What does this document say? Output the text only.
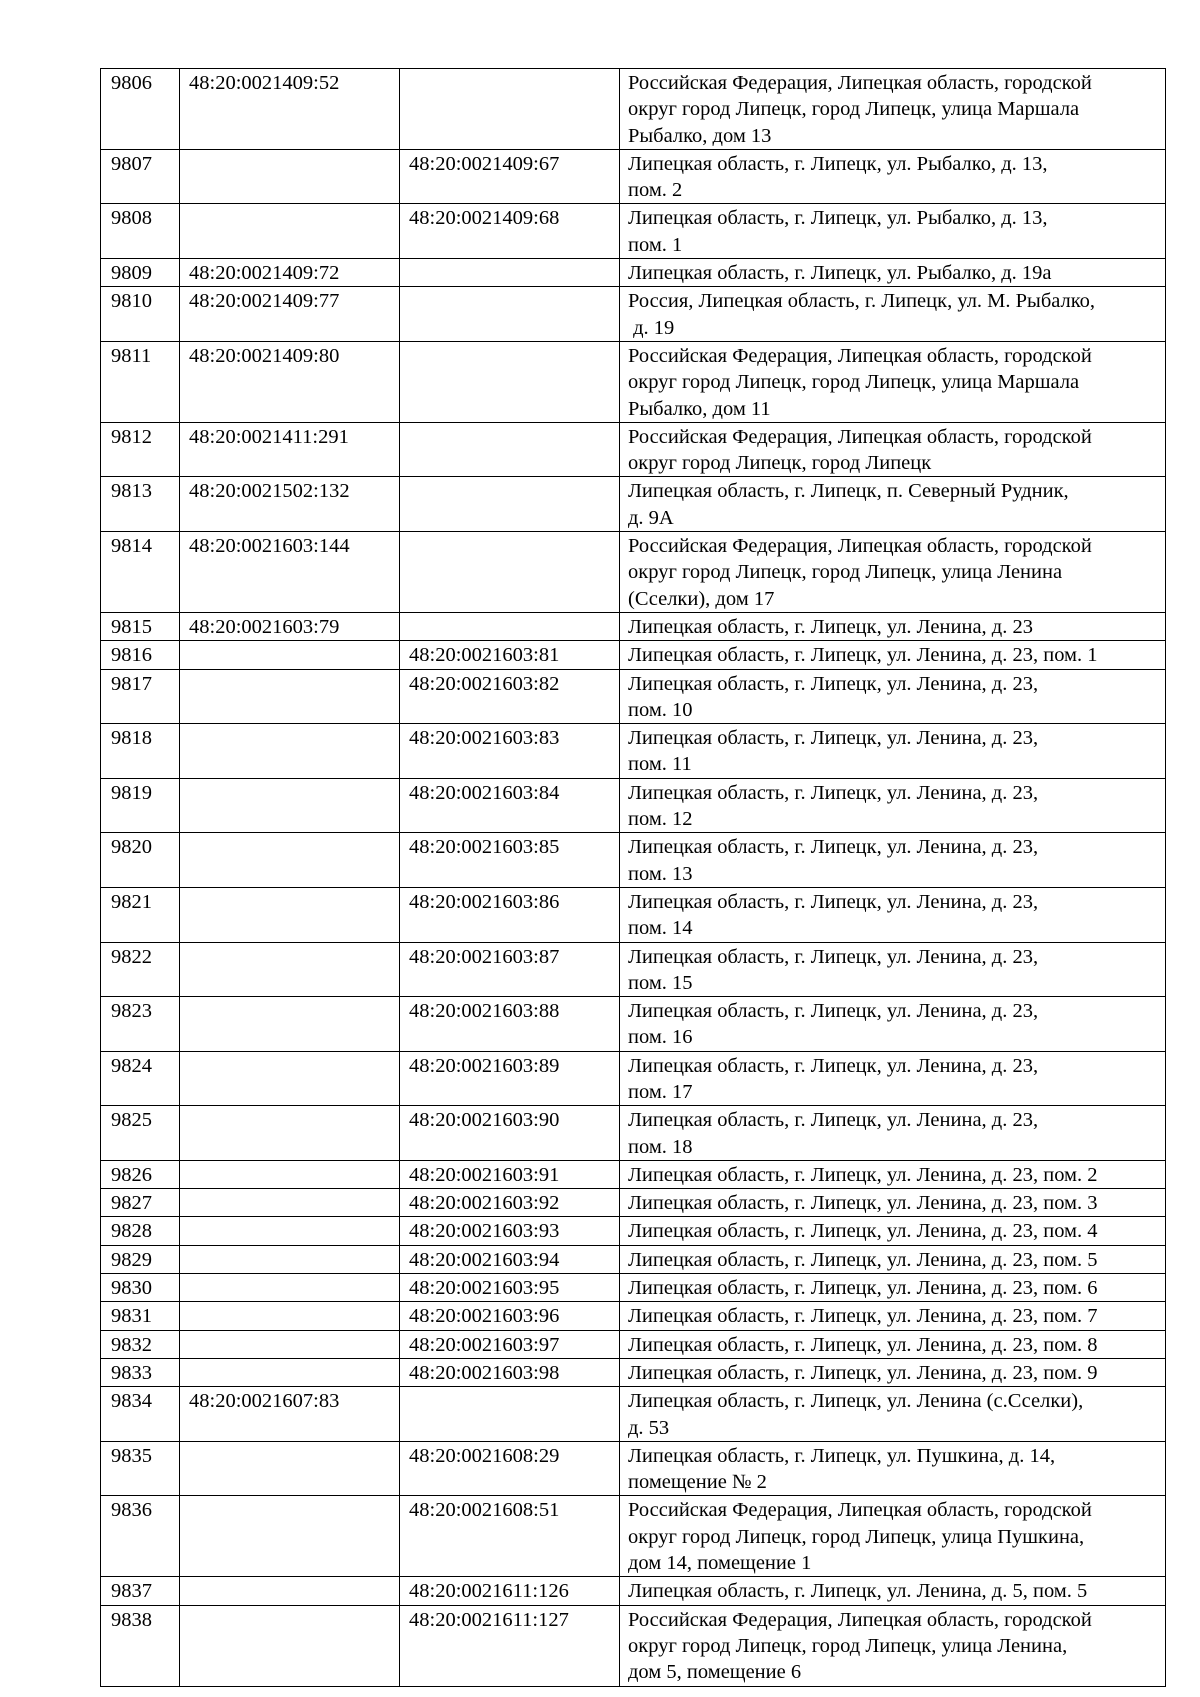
9806	48:20:0021409:52		Российская Федерация, Липецкая область, городской
округ город Липецк, город Липецк, улица Маршала
Рыбалко, дом 13
9807		48:20:0021409:67	Липецкая область, г. Липецк, ул. Рыбалко, д. 13,
пом. 2
9808		48:20:0021409:68	Липецкая область, г. Липецк, ул. Рыбалко, д. 13,
пом. 1
9809	48:20:0021409:72		Липецкая область, г. Липецк, ул. Рыбалко, д. 19а
9810	48:20:0021409:77		Россия, Липецкая область, г. Липецк, ул. М. Рыбалко,
д. 19
9811	48:20:0021409:80		Российская Федерация, Липецкая область, городской
округ город Липецк, город Липецк, улица Маршала
Рыбалко, дом 11
9812	48:20:0021411:291		Российская Федерация, Липецкая область, городской
округ город Липецк, город Липецк
9813	48:20:0021502:132		Липецкая область, г. Липецк, п. Северный Рудник,
д. 9А
9814	48:20:0021603:144		Российская Федерация, Липецкая область, городской
округ город Липецк, город Липецк, улица Ленина
(Сселки), дом 17
9815	48:20:0021603:79		Липецкая область, г. Липецк, ул. Ленина, д. 23
9816		48:20:0021603:81	Липецкая область, г. Липецк, ул. Ленина, д. 23, пом. 1
9817		48:20:0021603:82	Липецкая область, г. Липецк, ул. Ленина, д. 23,
пом. 10
9818		48:20:0021603:83	Липецкая область, г. Липецк, ул. Ленина, д. 23,
пом. 11
9819		48:20:0021603:84	Липецкая область, г. Липецк, ул. Ленина, д. 23,
пом. 12
9820		48:20:0021603:85	Липецкая область, г. Липецк, ул. Ленина, д. 23,
пом. 13
9821		48:20:0021603:86	Липецкая область, г. Липецк, ул. Ленина, д. 23,
пом. 14
9822		48:20:0021603:87	Липецкая область, г. Липецк, ул. Ленина, д. 23,
пом. 15
9823		48:20:0021603:88	Липецкая область, г. Липецк, ул. Ленина, д. 23,
пом. 16
9824		48:20:0021603:89	Липецкая область, г. Липецк, ул. Ленина, д. 23,
пом. 17
9825		48:20:0021603:90	Липецкая область, г. Липецк, ул. Ленина, д. 23,
пом. 18
9826		48:20:0021603:91	Липецкая область, г. Липецк, ул. Ленина, д. 23, пом. 2
9827		48:20:0021603:92	Липецкая область, г. Липецк, ул. Ленина, д. 23, пом. 3
9828		48:20:0021603:93	Липецкая область, г. Липецк, ул. Ленина, д. 23, пом. 4
9829		48:20:0021603:94	Липецкая область, г. Липецк, ул. Ленина, д. 23, пом. 5
9830		48:20:0021603:95	Липецкая область, г. Липецк, ул. Ленина, д. 23, пом. 6
9831		48:20:0021603:96	Липецкая область, г. Липецк, ул. Ленина, д. 23, пом. 7
9832		48:20:0021603:97	Липецкая область, г. Липецк, ул. Ленина, д. 23, пом. 8
9833		48:20:0021603:98	Липецкая область, г. Липецк, ул. Ленина, д. 23, пом. 9
9834	48:20:0021607:83		Липецкая область, г. Липецк, ул. Ленина (с.Сселки),
д. 53
9835		48:20:0021608:29	Липецкая область, г. Липецк, ул. Пушкина, д. 14,
помещение № 2
9836		48:20:0021608:51	Российская Федерация, Липецкая область, городской
округ город Липецк, город Липецк, улица Пушкина,
дом 14, помещение 1
9837		48:20:0021611:126	Липецкая область, г. Липецк, ул. Ленина, д. 5, пом. 5
9838		48:20:0021611:127	Российская Федерация, Липецкая область, городской
округ город Липецк, город Липецк, улица Ленина,
дом 5, помещение 6
